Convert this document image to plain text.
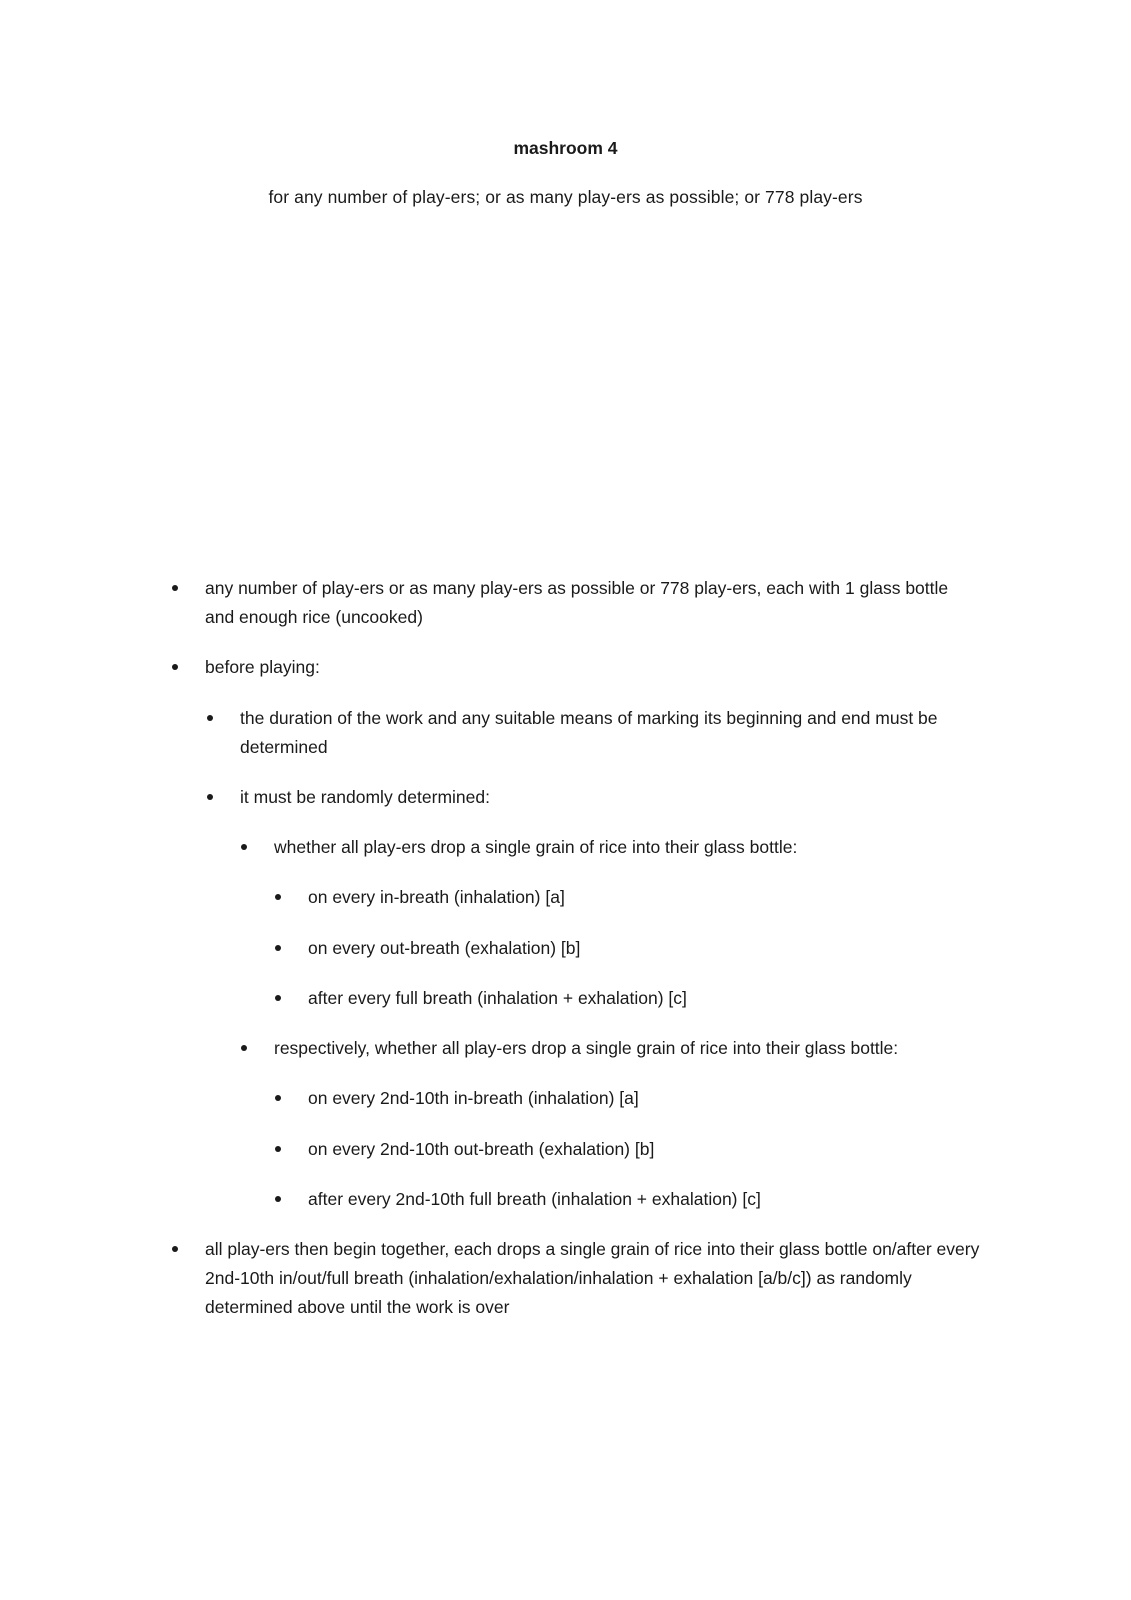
mashroom 4

for any number of play-ers; or as many play-ers as possible; or 778 play-ers

any number of play-ers or as many play-ers as possible or 778 play-ers, each with 1 glass bottle and enough rice (uncooked)
before playing:
the duration of the work and any suitable means of marking its beginning and end must be determined
it must be randomly determined:
whether all play-ers drop a single grain of rice into their glass bottle:
on every in-breath (inhalation) [a]
on every out-breath (exhalation) [b]
after every full breath (inhalation + exhalation) [c]
respectively, whether all play-ers drop a single grain of rice into their glass bottle:
on every 2nd-10th in-breath (inhalation) [a]
on every 2nd-10th out-breath (exhalation) [b]
after every 2nd-10th full breath (inhalation + exhalation) [c]
all play-ers then begin together, each drops a single grain of rice into their glass bottle on/after every 2nd-10th in/out/full breath (inhalation/exhalation/inhalation + exhalation [a/b/c]) as randomly determined above until the work is over
